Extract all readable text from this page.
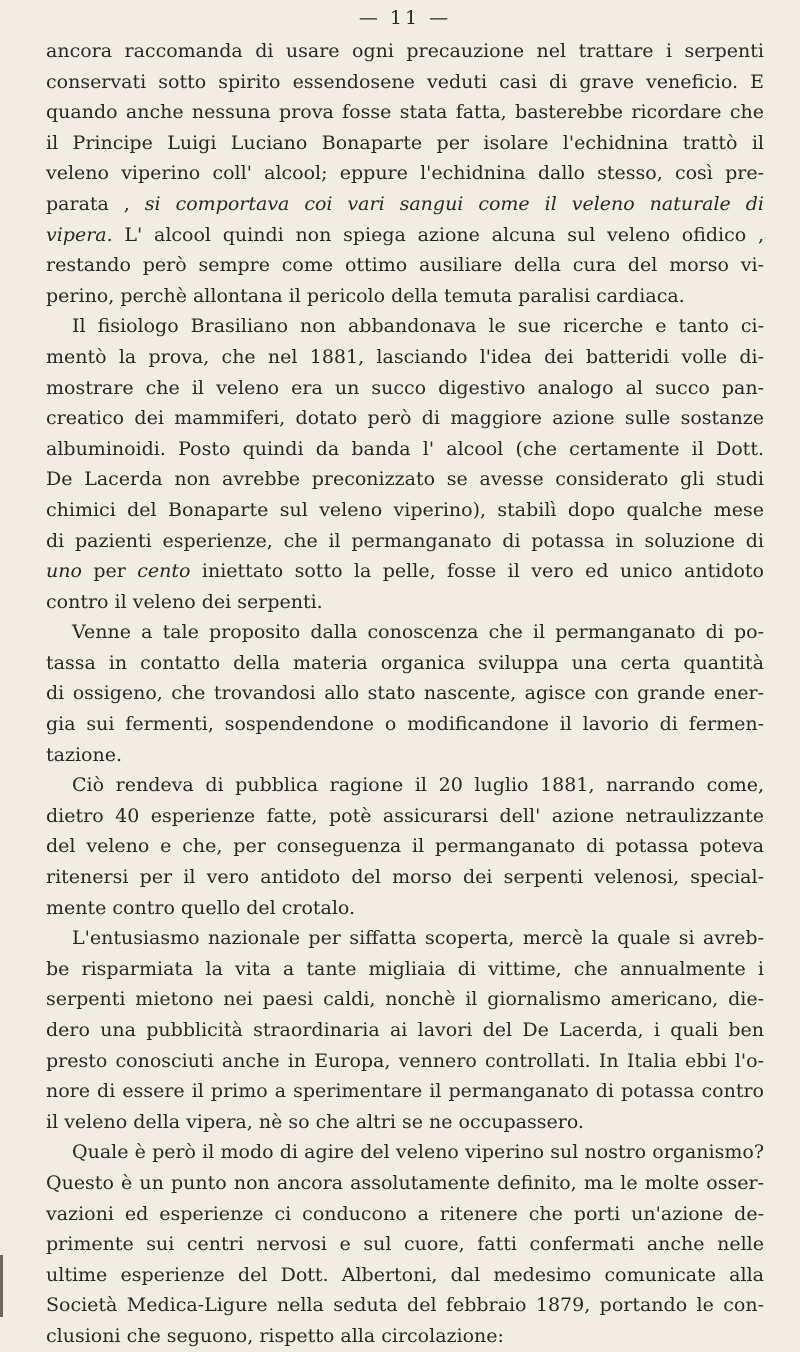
— 11 —
ancora raccomanda di usare ogni precauzione nel trattare i serpenti
conservati sotto spirito essendosene veduti casi di grave veneficio. E
quando anche nessuna prova fosse stata fatta, basterebbe ricordare che
il Principe Luigi Luciano Bonaparte per isolare l'echidnina trattò il
veleno viperino coll' alcool; eppure l'echidnina dallo stesso, così pre-
parata , si comportava coi vari sangui come il veleno naturale di
vipera. L' alcool quindi non spiega azione alcuna sul veleno ofidico ,
restando però sempre come ottimo ausiliare della cura del morso vi-
perino, perchè allontana il pericolo della temuta paralisi cardiaca.
Il fisiologo Brasiliano non abbandonava le sue ricerche e tanto ci-
mentò la prova, che nel 1881, lasciando l'idea dei batteridi volle di-
mostrare che il veleno era un succo digestivo analogo al succo pan-
creatico dei mammiferi, dotato però di maggiore azione sulle sostanze
albuminoidi. Posto quindi da banda l' alcool (che certamente il Dott.
De Lacerda non avrebbe preconizzato se avesse considerato gli studi
chimici del Bonaparte sul veleno viperino), stabilì dopo qualche mese
di pazienti esperienze, che il permanganato di potassa in soluzione di
uno per cento iniettato sotto la pelle, fosse il vero ed unico antidoto
contro il veleno dei serpenti.
Venne a tale proposito dalla conoscenza che il permanganato di po-
tassa in contatto della materia organica sviluppa una certa quantità
di ossigeno, che trovandosi allo stato nascente, agisce con grande ener-
gia sui fermenti, sospendendone o modificandone il lavorio di fermen-
tazione.
Ciò rendeva di pubblica ragione il 20 luglio 1881, narrando come,
dietro 40 esperienze fatte, potè assicurarsi dell' azione netraulizzante
del veleno e che, per conseguenza il permanganato di potassa poteva
ritenersi per il vero antidoto del morso dei serpenti velenosi, special-
mente contro quello del crotalo.
L'entusiasmo nazionale per siffatta scoperta, mercè la quale si avreb-
be risparmiata la vita a tante migliaia di vittime, che annualmente i
serpenti mietono nei paesi caldi, nonchè il giornalismo americano, die-
dero una pubblicità straordinaria ai lavori del De Lacerda, i quali ben
presto conosciuti anche in Europa, vennero controllati. In Italia ebbi l'o-
nore di essere il primo a sperimentare il permanganato di potassa contro
il veleno della vipera, nè so che altri se ne occupassero.
Quale è però il modo di agire del veleno viperino sul nostro organismo?
Questo è un punto non ancora assolutamente definito, ma le molte osser-
vazioni ed esperienze ci conducono a ritenere che porti un'azione de-
primente sui centri nervosi e sul cuore, fatti confermati anche nelle
ultime esperienze del Dott. Albertoni, dal medesimo comunicate alla
Società Medica-Ligure nella seduta del febbraio 1879, portando le con-
clusioni che seguono, rispetto alla circolazione:
